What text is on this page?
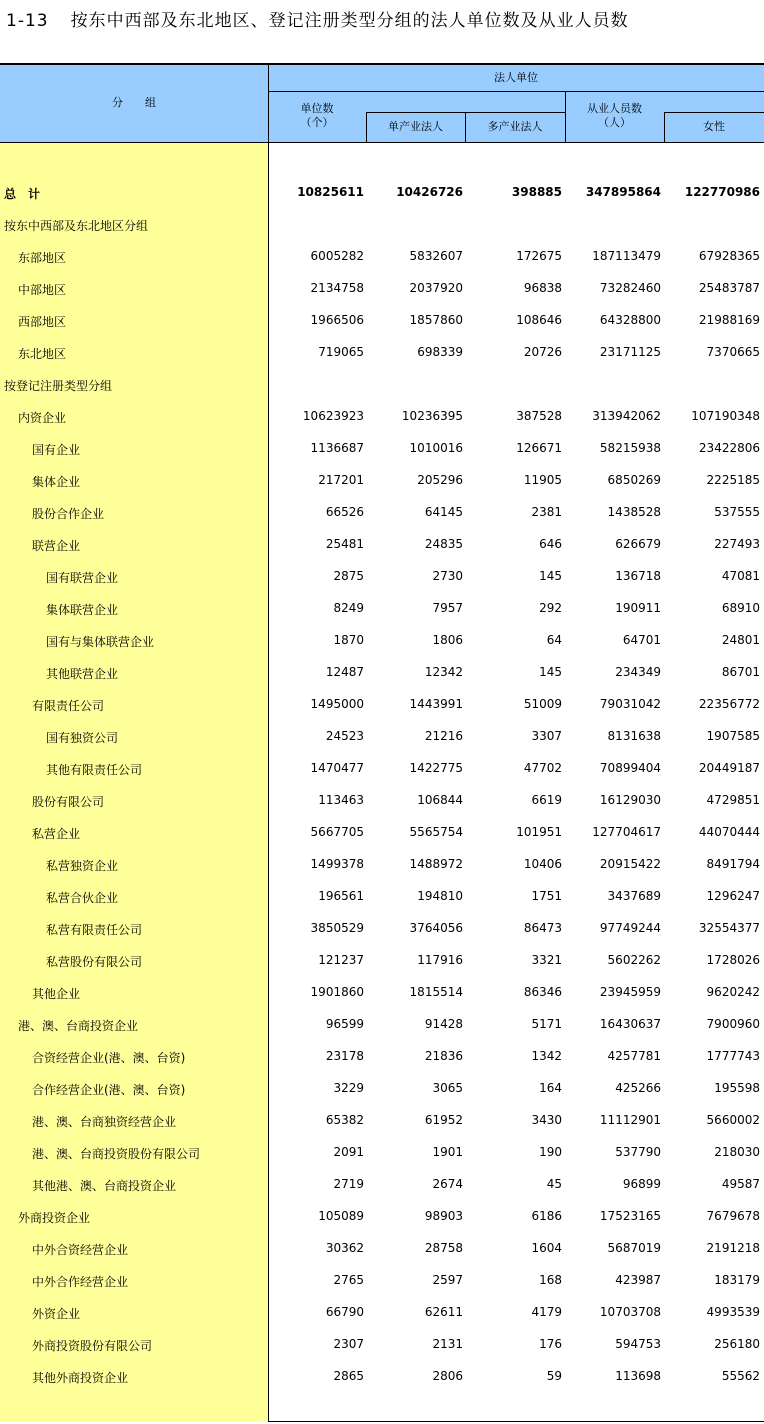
1-13 按东中西部及东北地区、登记注册类型分组的法人单位数及从业人员数
分　　组
法人单位
单位数
（个）	单产业法人	多产业法人
从业人员数
（人）	女性
总　计	10825611	10426726	398885	347895864	122770986
按东中西部及东北地区分组
东部地区	6005282	5832607	172675	187113479	67928365
中部地区	2134758	2037920	96838	73282460	25483787
西部地区	1966506	1857860	108646	64328800	21988169
东北地区	719065	698339	20726	23171125	7370665
按登记注册类型分组
内资企业	10623923	10236395	387528	313942062	107190348
国有企业	1136687	1010016	126671	58215938	23422806
集体企业	217201	205296	11905	6850269	2225185
股份合作企业	66526	64145	2381	1438528	537555
联营企业	25481	24835	646	626679	227493
国有联营企业	2875	2730	145	136718	47081
集体联营企业	8249	7957	292	190911	68910
国有与集体联营企业	1870	1806	64	64701	24801
其他联营企业	12487	12342	145	234349	86701
有限责任公司	1495000	1443991	51009	79031042	22356772
国有独资公司	24523	21216	3307	8131638	1907585
其他有限责任公司	1470477	1422775	47702	70899404	20449187
股份有限公司	113463	106844	6619	16129030	4729851
私营企业	5667705	5565754	101951	127704617	44070444
私营独资企业	1499378	1488972	10406	20915422	8491794
私营合伙企业	196561	194810	1751	3437689	1296247
私营有限责任公司	3850529	3764056	86473	97749244	32554377
私营股份有限公司	121237	117916	3321	5602262	1728026
其他企业	1901860	1815514	86346	23945959	9620242
港、澳、台商投资企业	96599	91428	5171	16430637	7900960
合资经营企业(港、澳、台资)	23178	21836	1342	4257781	1777743
合作经营企业(港、澳、台资)	3229	3065	164	425266	195598
港、澳、台商独资经营企业	65382	61952	3430	11112901	5660002
港、澳、台商投资股份有限公司	2091	1901	190	537790	218030
其他港、澳、台商投资企业	2719	2674	45	96899	49587
外商投资企业	105089	98903	6186	17523165	7679678
中外合资经营企业	30362	28758	1604	5687019	2191218
中外合作经营企业	2765	2597	168	423987	183179
外资企业	66790	62611	4179	10703708	4993539
外商投资股份有限公司	2307	2131	176	594753	256180
其他外商投资企业	2865	2806	59	113698	55562
